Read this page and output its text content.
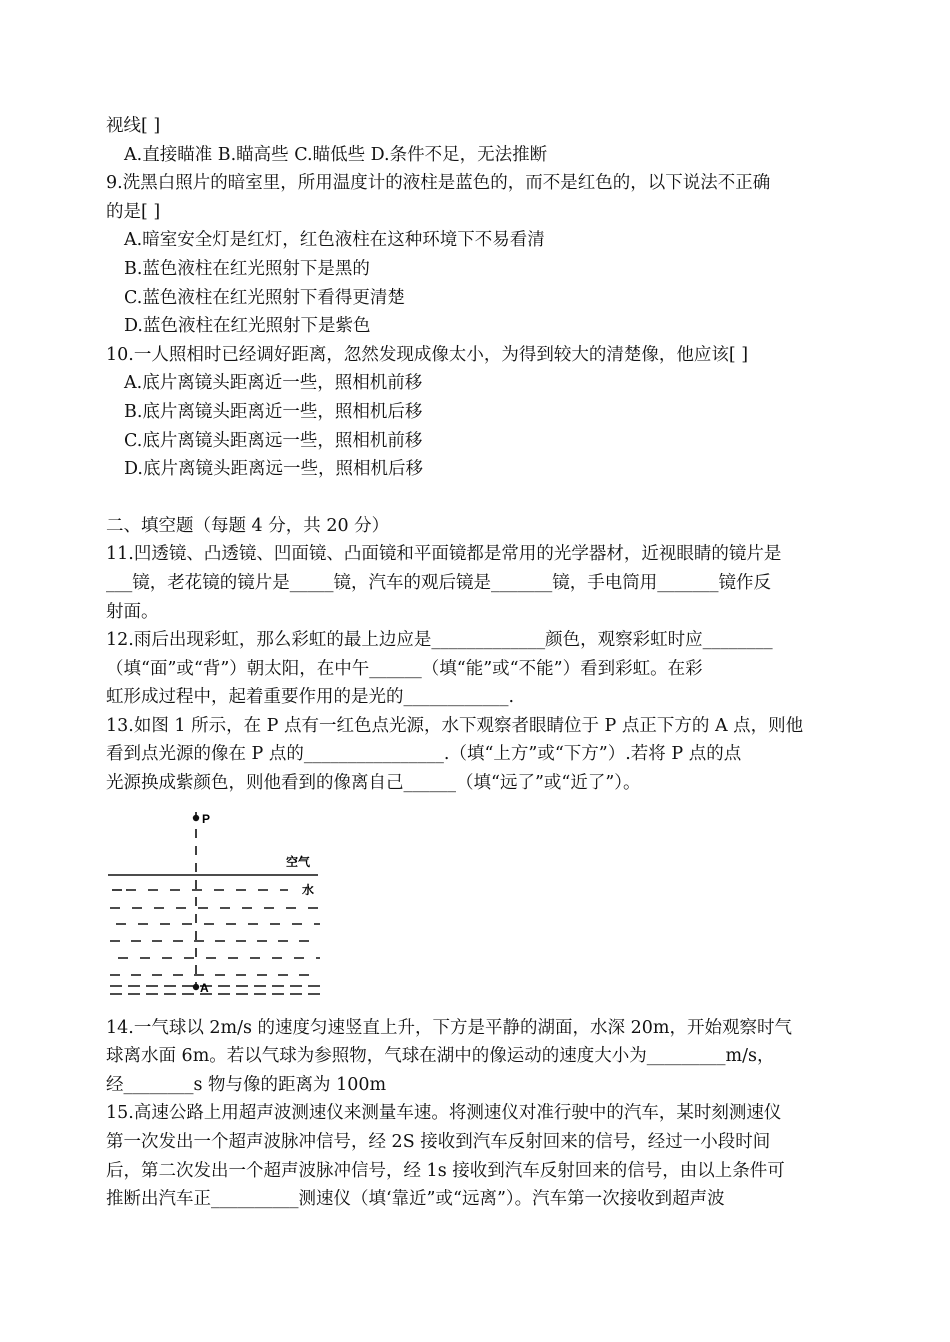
视线[ ]
A.直接瞄准 B.瞄高些 C.瞄低些 D.条件不足，无法推断
9.洗黑白照片的暗室里，所用温度计的液柱是蓝色的，而不是红色的，以下说法不正确
的是[ ]
A.暗室安全灯是红灯，红色液柱在这种环境下不易看清
B.蓝色液柱在红光照射下是黑的
C.蓝色液柱在红光照射下看得更清楚
D.蓝色液柱在红光照射下是紫色
10.一人照相时已经调好距离，忽然发现成像太小，为得到较大的清楚像，他应该[ ]
A.底片离镜头距离近一些，照相机前移
B.底片离镜头距离近一些，照相机后移
C.底片离镜头距离远一些，照相机前移
D.底片离镜头距离远一些，照相机后移
二、填空题（每题 4 分，共 20 分）
11.凹透镜、凸透镜、凹面镜、凸面镜和平面镜都是常用的光学器材，近视眼睛的镜片是
___镜，老花镜的镜片是_____镜，汽车的观后镜是_______镜，手电筒用_______镜作反
射面。
12.雨后出现彩虹，那么彩虹的最上边应是_____________颜色，观察彩虹时应________
（填“面”或“背”）朝太阳，在中午______（填“能”或“不能”）看到彩虹。在彩
虹形成过程中，起着重要作用的是光的____________.
13.如图 1 所示，在 P 点有一红色点光源，水下观察者眼睛位于 P 点正下方的 A 点，则他
看到点光源的像在 P 点的________________.（填“上方”或“下方”）.若将 P 点的点
光源换成紫颜色，则他看到的像离自己______（填“远了”或“近了”）。
P
空气
水
A
14.一气球以 2m/s 的速度匀速竖直上升，下方是平静的湖面，水深 20m，开始观察时气
球离水面 6m。若以气球为参照物，气球在湖中的像运动的速度大小为_________m/s，
经________s 物与像的距离为 100m
15.高速公路上用超声波测速仪来测量车速。将测速仪对准行驶中的汽车，某时刻测速仪
第一次发出一个超声波脉冲信号，经 2S 接收到汽车反射回来的信号，经过一小段时间
后，第二次发出一个超声波脉冲信号，经 1s 接收到汽车反射回来的信号，由以上条件可
推断出汽车正__________测速仪（填‘靠近”或“远离”）。汽车第一次接收到超声波
